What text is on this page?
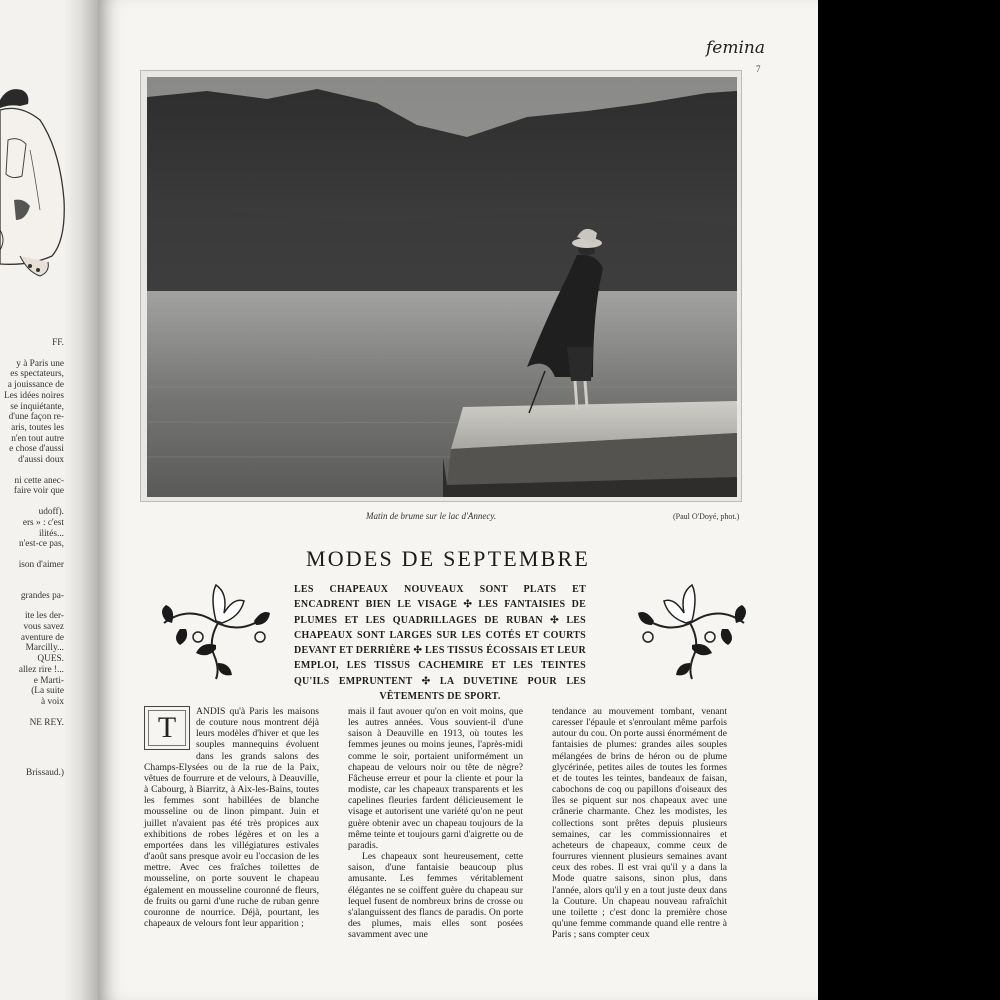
FF.
y à Paris une
es spectateurs,
a jouissance de
Les idées noires
se inquiétante,
d'une façon re-
aris, toutes les
n'en tout autre
e chose d'aussi
d'aussi doux
ni cette anec-
faire voir que
udoff).
ers » : c'est
ilités...
n'est-ce pas,
ison d'aimer
grandes pa-
ite les der-
vous savez
aventure de
Marcilly...
QUES.
allez rire !...
e Marti-
(La suite
à voix
NE REY.
Brissaud.)
femina
7
Matin de brume sur le lac d'Annecy.	(Paul O'Doyé, phot.)
MODES DE SEPTEMBRE
LES CHAPEAUX NOUVEAUX SONT PLATS ET ENCADRENT BIEN LE VISAGE ✣ LES FANTAISIES DE PLUMES ET LES QUADRILLAGES DE RUBAN ✣ LES CHAPEAUX SONT LARGES SUR LES COTÉS ET COURTS DEVANT ET DERRIÈRE ✣ LES TISSUS ÉCOSSAIS ET LEUR EMPLOI, LES TISSUS CACHEMIRE ET LES TEINTES QU'ILS EMPRUNTENT ✣ LA DUVETINE POUR LES VÊTEMENTS DE SPORT.
T	ANDIS qu'à Paris les maisons de couture nous montrent déjà leurs modèles d'hiver et que les souples mannequins évoluent dans les grands salons des Champs-Elysées ou de la rue de la Paix, vêtues de fourrure et de velours, à Deauville, à Cabourg, à Biarritz, à Aix-les-Bains, toutes les femmes sont habillées de blanche mousseline ou de linon pimpant. Juin et juillet n'avaient pas été très propices aux exhibitions de robes légères et on les a emportées dans les villégiatures estivales d'août sans presque avoir eu l'occasion de les mettre. Avec ces fraîches toilettes de mousseline, on porte souvent le chapeau également en mousseline couronné de fleurs, de fruits ou garni d'une ruche de ruban genre couronne de nourrice. Déjà, pourtant, les chapeaux de velours font leur apparition ;

mais il faut avouer qu'on en voit moins, que les autres années. Vous souvient-il d'une saison à Deauville en 1913, où toutes les femmes jeunes ou moins jeunes, l'après-midi comme le soir, portaient uniformément un chapeau de velours noir ou tête de nègre? Fâcheuse erreur et pour la cliente et pour la modiste, car les chapeaux transparents et les capelines fleuries fardent délicieusement le visage et autorisent une variété qu'on ne peut guère obtenir avec un chapeau toujours de la même teinte et toujours garni d'aigrette ou de paradis.

Les chapeaux sont heureusement, cette saison, d'une fantaisie beaucoup plus amusante. Les femmes véritablement élégantes ne se coiffent guère du chapeau sur lequel fusent de nombreux brins de crosse ou s'alanguissent des flancs de paradis. On porte des plumes, mais elles sont posées savamment avec une

tendance au mouvement tombant, venant caresser l'épaule et s'enroulant même parfois autour du cou. On porte aussi énormément de fantaisies de plumes: grandes ailes souples mélangées de brins de héron ou de plume glycérinée, petites ailes de toutes les formes et de toutes les teintes, bandeaux de faisan, cabochons de coq ou papillons d'oiseaux des îles se piquent sur nos chapeaux avec une crânerie charmante. Chez les modistes, les collections sont prêtes depuis plusieurs semaines, car les commissionnaires et acheteurs de chapeaux, comme ceux de fourrures viennent plusieurs semaines avant ceux des robes. Il est vrai qu'il y a dans la Mode quatre saisons, sinon plus, dans l'année, alors qu'il y en a tout juste deux dans la Couture. Un chapeau nouveau rafraîchit une toilette ; c'est donc la première chose qu'une femme commande quand elle rentre à Paris ; sans compter ceux
